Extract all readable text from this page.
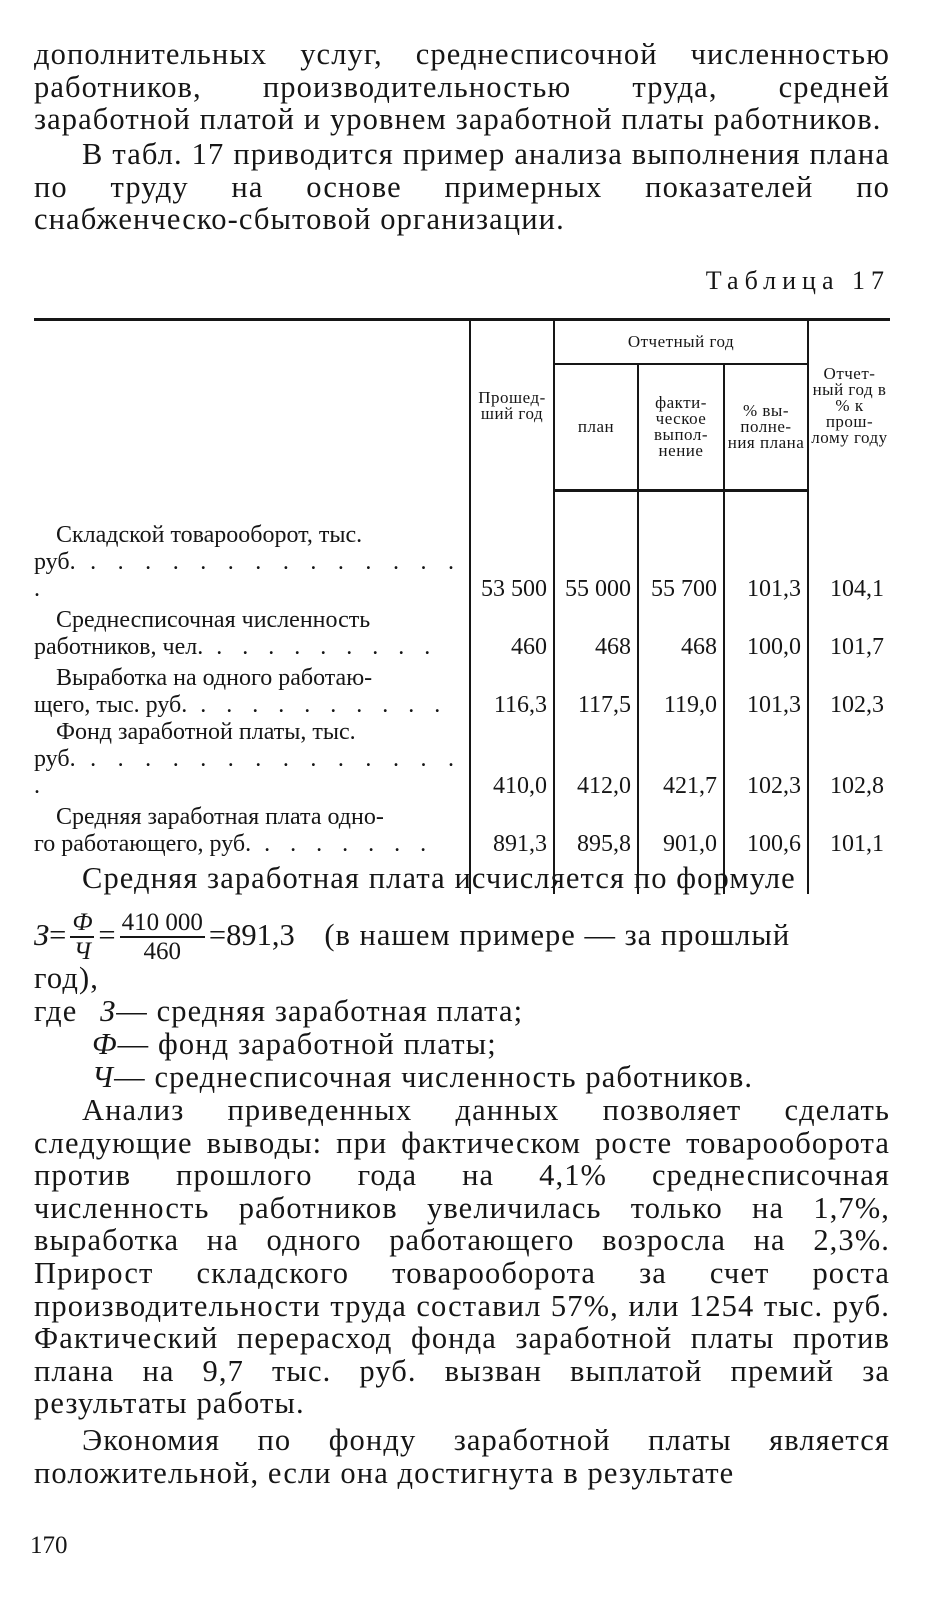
дополнительных услуг, среднесписочной численностью работников, производительностью труда, средней заработной платой и уровнем заработной платы работников.
В табл. 17 приводится пример анализа выполнения плана по труду на основе примерных показателей по снабженческо-сбытовой организации.
Таблица 17
	Прошед-ший год	Отчетный год			Отчет-ный год в % к прош-лому году
		план	факти-ческое выпол-нение	% вы-полне-ния плана	

Складской товарооборот, тыс.
руб. . . . . . . . . . . . . . . .	53 500	55 000	55 700	101,3	104,1

Среднесписочная численность
работников, чел. . . . . . . . . .	460	468	468	100,0	101,7

Выработка на одного работаю-
щего, тыс. руб. . . . . . . . . . .	116,3	117,5	119,0	101,3	102,3

Фонд заработной платы, тыс.
руб. . . . . . . . . . . . . . . .	410,0	412,0	421,7	102,3	102,8

Средняя заработная плата одно-
го работающего, руб. . . . . . . .	891,3	895,8	901,0	100,6	101,1

Средняя заработная плата исчисляется по формуле
$З= \frac{Ф}{Ч} = \frac{410 000}{460} =891,3$ (в нашем примере — за прошлый
год),
где З— средняя заработная плата;
Ф— фонд заработной платы;
Ч— среднесписочная численность работников.
Анализ приведенных данных позволяет сделать следующие выводы: при фактическом росте товарооборота против прошлого года на 4,1% среднесписочная численность работников увеличилась только на 1,7%, выработка на одного работающего возросла на 2,3%. Прирост складского товарооборота за счет роста производительности труда составил 57%, или 1254 тыс. руб. Фактический перерасход фонда заработной платы против плана на 9,7 тыс. руб. вызван выплатой премий за результаты работы.
Экономия по фонду заработной платы является положительной, если она достигнута в результате
170
